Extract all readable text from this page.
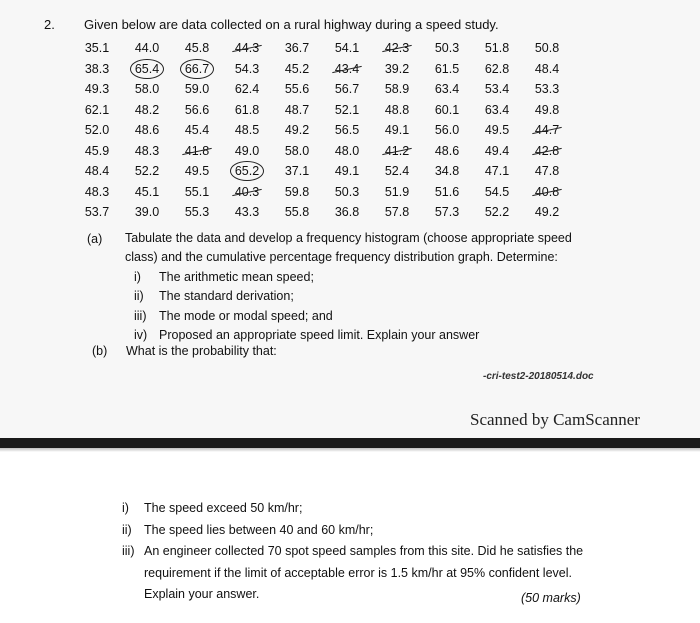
2. Given below are data collected on a rural highway during a speed study.
35.1	44.0	45.8	44.3	36.7	54.1	42.3	50.3	51.8	50.8
38.3	65.4	66.7	54.3	45.2	43.4	39.2	61.5	62.8	48.4
49.3	58.0	59.0	62.4	55.6	56.7	58.9	63.4	53.4	53.3
62.1	48.2	56.6	61.8	48.7	52.1	48.8	60.1	63.4	49.8
52.0	48.6	45.4	48.5	49.2	56.5	49.1	56.0	49.5	44.7
45.9	48.3	41.8	49.0	58.0	48.0	41.2	48.6	49.4	42.8
48.4	52.2	49.5	65.2	37.1	49.1	52.4	34.8	47.1	47.8
48.3	45.1	55.1	40.3	59.8	50.3	51.9	51.6	54.5	40.8
53.7	39.0	55.3	43.3	55.8	36.8	57.8	57.3	52.2	49.2
(a) Tabulate the data and develop a frequency histogram (choose appropriate speed
class) and the cumulative percentage frequency distribution graph. Determine:
i)	The arithmetic mean speed;
ii)	The standard derivation;
iii)	The mode or modal speed; and
iv) Proposed an appropriate speed limit. Explain your answer
(b) What is the probability that:
-cri-test2-20180514.doc
Scanned by CamScanner
i)	The speed exceed 50 km/hr;
ii) The speed lies between 40 and 60 km/hr;
iii) An engineer collected 70 spot speed samples from this site. Did he satisfies the
requirement if the limit of acceptable error is 1.5 km/hr at 95% confident level.
Explain your answer.	(50 marks)
